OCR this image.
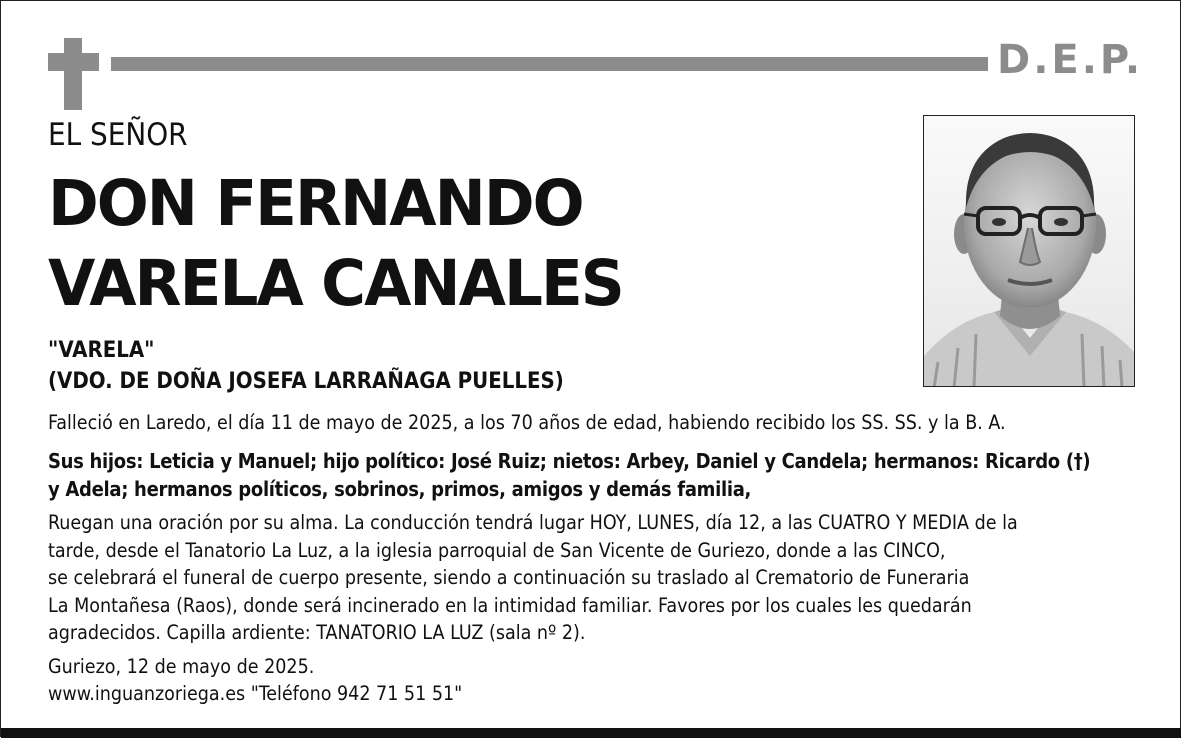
D.E.P.
EL SEÑOR
DON FERNANDO
VARELA CANALES
"VARELA"
(VDO. DE DOÑA JOSEFA LARRAÑAGA PUELLES)
Falleció en Laredo, el día 11 de mayo de 2025, a los 70 años de edad, habiendo recibido los SS. SS. y la B. A.
Sus hijos: Leticia y Manuel; hijo político: José Ruiz; nietos: Arbey, Daniel y Candela; hermanos: Ricardo (†)
y Adela; hermanos políticos, sobrinos, primos, amigos y demás familia,
Ruegan una oración por su alma. La conducción tendrá lugar HOY, LUNES, día 12, a las CUATRO Y MEDIA de la
tarde, desde el Tanatorio La Luz, a la iglesia parroquial de San Vicente de Guriezo, donde a las CINCO,
se celebrará el funeral de cuerpo presente, siendo a continuación su traslado al Crematorio de Funeraria
La Montañesa (Raos), donde será incinerado en la intimidad familiar. Favores por los cuales les quedarán
agradecidos. Capilla ardiente: TANATORIO LA LUZ (sala nº 2).
Guriezo, 12 de mayo de 2025.
www.inguanzoriega.es "Teléfono 942 71 51 51"
